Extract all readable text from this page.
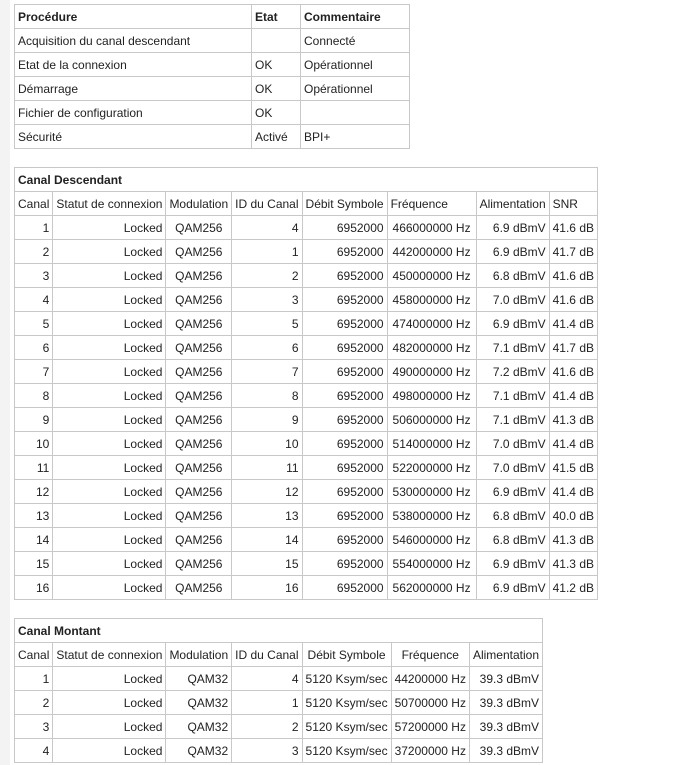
Procédure	Etat	Commentaire
Acquisition du canal descendant		Connecté
Etat de la connexion	OK	Opérationnel
Démarrage	OK	Opérationnel
Fichier de configuration	OK	
Sécurité	Activé	BPI+
Canal Descendant							
Canal	Statut de connexion	Modulation	ID du Canal	Débit Symbole	Fréquence	Alimentation	SNR
1	Locked	QAM256	4	6952000	466000000 Hz	6.9 dBmV	41.6 dB
2	Locked	QAM256	1	6952000	442000000 Hz	6.9 dBmV	41.7 dB
3	Locked	QAM256	2	6952000	450000000 Hz	6.8 dBmV	41.6 dB
4	Locked	QAM256	3	6952000	458000000 Hz	7.0 dBmV	41.6 dB
5	Locked	QAM256	5	6952000	474000000 Hz	6.9 dBmV	41.4 dB
6	Locked	QAM256	6	6952000	482000000 Hz	7.1 dBmV	41.7 dB
7	Locked	QAM256	7	6952000	490000000 Hz	7.2 dBmV	41.6 dB
8	Locked	QAM256	8	6952000	498000000 Hz	7.1 dBmV	41.4 dB
9	Locked	QAM256	9	6952000	506000000 Hz	7.1 dBmV	41.3 dB
10	Locked	QAM256	10	6952000	514000000 Hz	7.0 dBmV	41.4 dB
11	Locked	QAM256	11	6952000	522000000 Hz	7.0 dBmV	41.5 dB
12	Locked	QAM256	12	6952000	530000000 Hz	6.9 dBmV	41.4 dB
13	Locked	QAM256	13	6952000	538000000 Hz	6.8 dBmV	40.0 dB
14	Locked	QAM256	14	6952000	546000000 Hz	6.8 dBmV	41.3 dB
15	Locked	QAM256	15	6952000	554000000 Hz	6.9 dBmV	41.3 dB
16	Locked	QAM256	16	6952000	562000000 Hz	6.9 dBmV	41.2 dB
Canal Montant						
Canal	Statut de connexion	Modulation	ID du Canal	Débit Symbole	Fréquence	Alimentation
1	Locked	QAM32	4	5120 Ksym/sec	44200000 Hz	39.3 dBmV
2	Locked	QAM32	1	5120 Ksym/sec	50700000 Hz	39.3 dBmV
3	Locked	QAM32	2	5120 Ksym/sec	57200000 Hz	39.3 dBmV
4	Locked	QAM32	3	5120 Ksym/sec	37200000 Hz	39.3 dBmV
